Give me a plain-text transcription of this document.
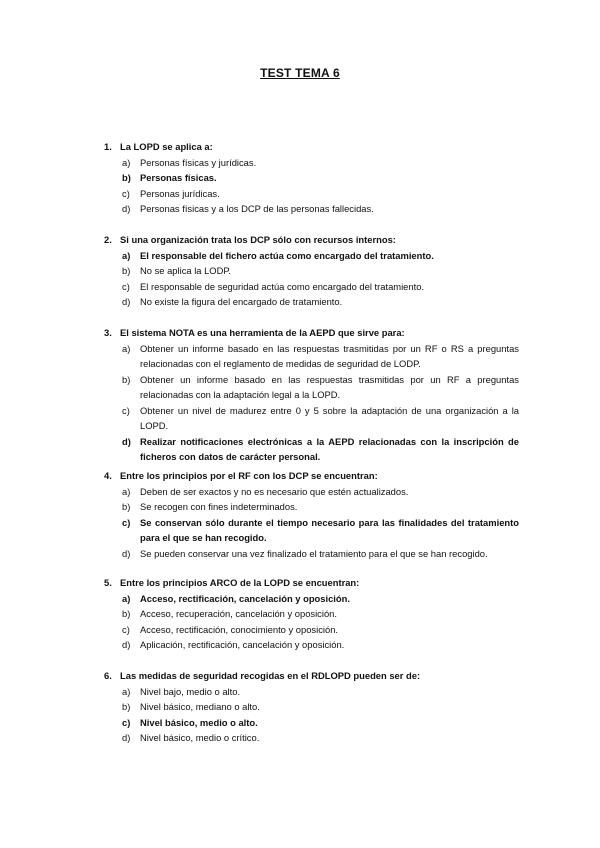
TEST TEMA 6
1. La LOPD se aplica a:
a) Personas físicas y jurídicas.
b) Personas físicas.
c) Personas jurídicas.
d) Personas físicas y a los DCP de las personas fallecidas.
2. Si una organización trata los DCP sólo con recursos internos:
a) El responsable del fichero actúa como encargado del tratamiento.
b) No se aplica la LODP.
c) El responsable de seguridad actúa como encargado del tratamiento.
d) No existe la figura del encargado de tratamiento.
3. El sistema NOTA es una herramienta de la AEPD que sirve para:
a) Obtener un informe basado en las respuestas trasmitidas por un RF o RS a preguntas relacionadas con el reglamento de medidas de seguridad de LODP.
b) Obtener un informe basado en las respuestas trasmitidas por un RF a preguntas relacionadas con la adaptación legal a la LOPD.
c) Obtener un nivel de madurez entre 0 y 5 sobre la adaptación de una organización a la LOPD.
d) Realizar notificaciones electrónicas a la AEPD relacionadas con la inscripción de ficheros con datos de carácter personal.
4. Entre los principios por el RF con los DCP se encuentran:
a) Deben de ser exactos y no es necesario que estén actualizados.
b) Se recogen con fines indeterminados.
c) Se conservan sólo durante el tiempo necesario para las finalidades del tratamiento para el que se han recogido.
d) Se pueden conservar una vez finalizado el tratamiento para el que se han recogido.
5. Entre los principios ARCO de la LOPD se encuentran:
a) Acceso, rectificación, cancelación y oposición.
b) Acceso, recuperación, cancelación y oposición.
c) Acceso, rectificación, conocimiento y oposición.
d) Aplicación, rectificación, cancelación y oposición.
6. Las medidas de seguridad recogidas en el RDLOPD pueden ser de:
a) Nivel bajo, medio o alto.
b) Nivel básico, mediano o alto.
c) Nivel básico, medio o alto.
d) Nivel básico, medio o crítico.
